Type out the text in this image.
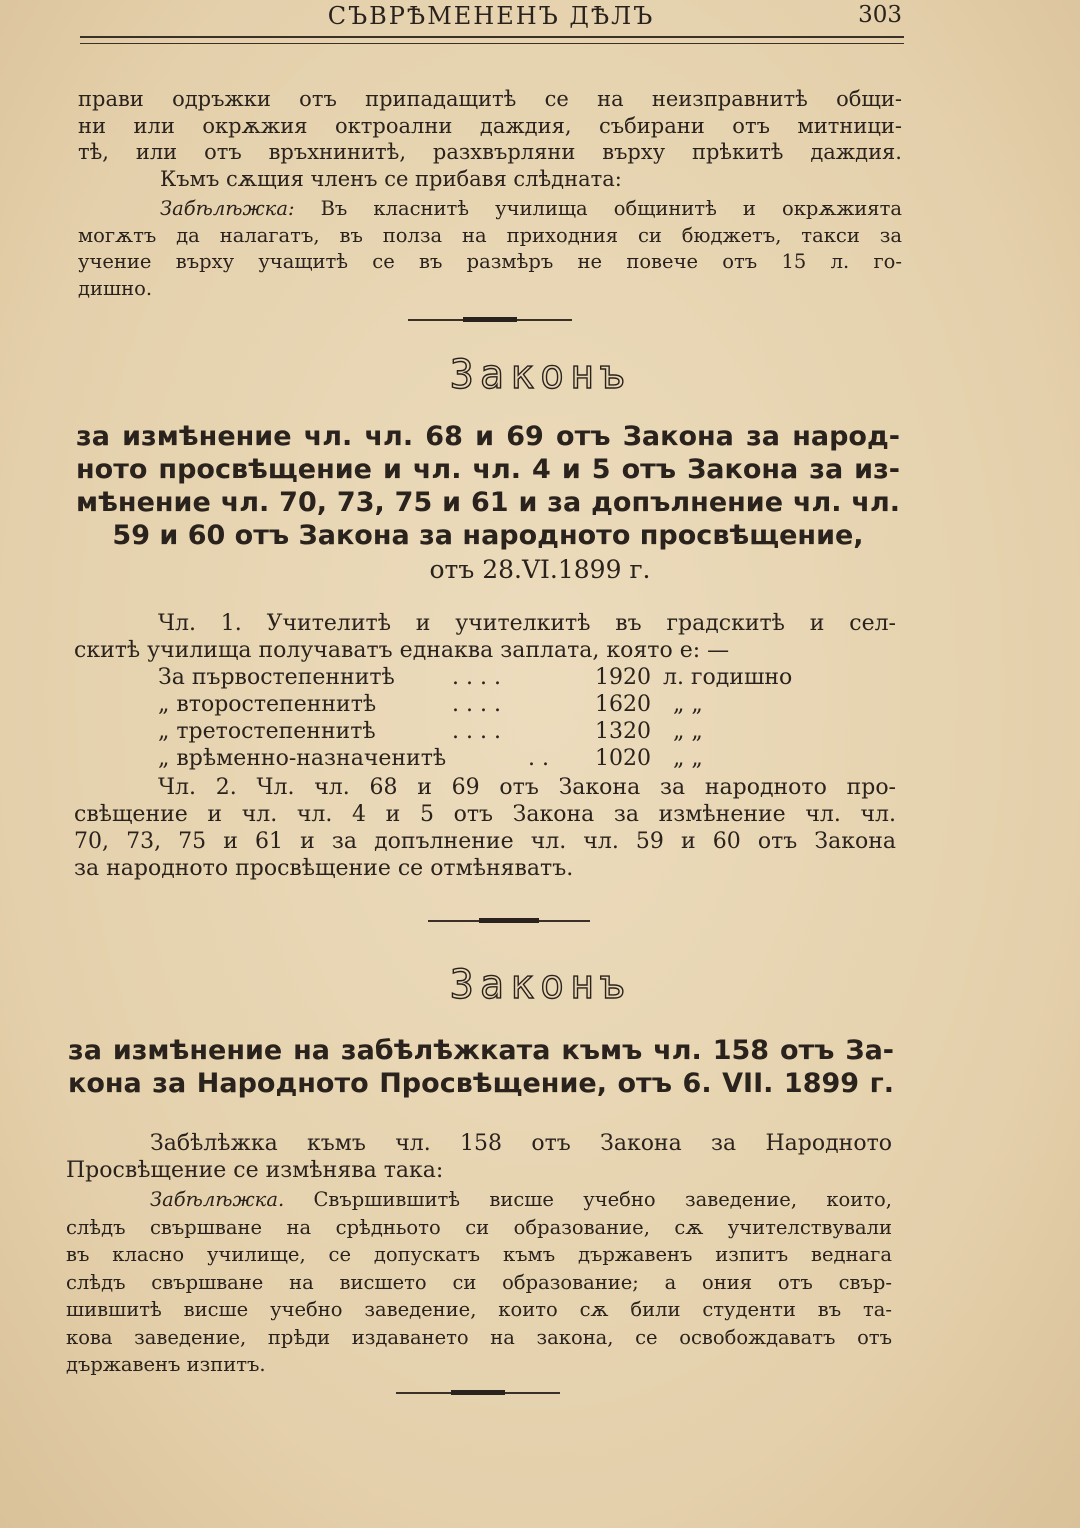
СЪВРѢМЕНЕНЪ ДѢЛЪ	303
прави одръжки отъ припадащитѣ се на неизправнитѣ общи-
ни или окрѫжия октроални даждия, събирани отъ митници-
тѣ, или отъ връхнинитѣ, разхвърляни върху прѣкитѣ даждия.
Къмъ сѫщия членъ се прибавя слѣдната:
Забѣлѣжка: Въ класнитѣ училища общинитѣ и окрѫжията
могѫтъ да налагатъ, въ полза на приходния си бюджетъ, такси за
учение върху учащитѣ се въ размѣръ не повече отъ 15 л. го-
дишно.
Законъ
за измѣнение чл. чл. 68 и 69 отъ Закона за народ-
ното просвѣщение и чл. чл. 4 и 5 отъ Закона за из-
мѣнение чл. 70, 73, 75 и 61 и за допълнение чл. чл.
59 и 60 отъ Закона за народното просвѣщение,
отъ 28.VI.1899 г.
Чл. 1. Учителитѣ и учителкитѣ въ градскитѣ и сел-
скитѣ училища получаватъ еднаква заплата, която е: —
За първостепеннитѣ	. . . .	1920 л. годишно
„ второстепеннитѣ	. . . .	1620 „ „
„ третостепеннитѣ	. . . .	1320 „ „
„ врѣменно-назначенитѣ	. . 1020 „ „
Чл. 2. Чл. чл. 68 и 69 отъ Закона за народното про-
свѣщение и чл. чл. 4 и 5 отъ Закона за измѣнение чл. чл.
70, 73, 75 и 61 и за допълнение чл. чл. 59 и 60 отъ Закона
за народното просвѣщение се отмѣняватъ.
Законъ
за измѣнение на забѣлѣжката къмъ чл. 158 отъ За-
кона за Народното Просвѣщение, отъ 6. VII. 1899 г.
Забѣлѣжка къмъ чл. 158 отъ Закона за Народното
Просвѣщение се измѣнява така:
Забѣлѣжка. Свършившитѣ висше учебно заведение, които,
слѣдъ свършване на срѣдньото си образование, сѫ учителствували
въ класно училище, се допускатъ къмъ държавенъ изпитъ веднага
слѣдъ свършване на висшето си образование; а ония отъ свър-
шившитѣ висше учебно заведение, които сѫ били студенти въ та-
кова заведение, прѣди издаването на закона, се освобождаватъ отъ
държавенъ изпитъ.
